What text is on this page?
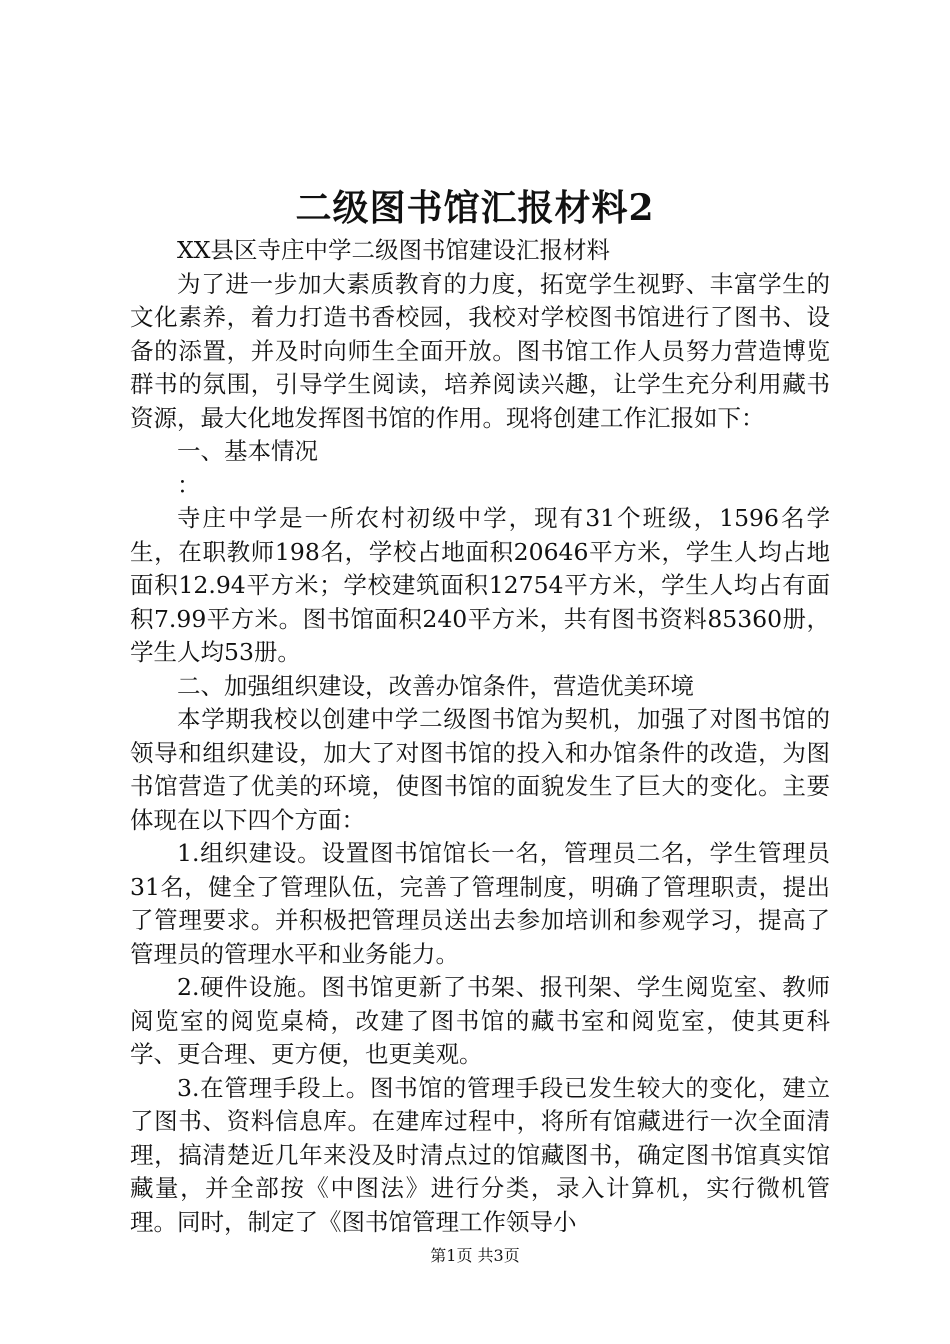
二级图书馆汇报材料2

XX县区寺庄中学二级图书馆建设汇报材料

为了进一步加大素质教育的力度，拓宽学生视野、丰富学生的文化素养，着力打造书香校园，我校对学校图书馆进行了图书、设备的添置，并及时向师生全面开放。图书馆工作人员努力营造博览群书的氛围，引导学生阅读，培养阅读兴趣，让学生充分利用藏书资源，最大化地发挥图书馆的作用。现将创建工作汇报如下：

一、基本情况

：

寺庄中学是一所农村初级中学，现有31个班级，1596名学生，在职教师198名，学校占地面积20646平方米，学生人均占地面积12.94平方米；学校建筑面积12754平方米，学生人均占有面积7.99平方米。图书馆面积240平方米，共有图书资料85360册，学生人均53册。

二、加强组织建设，改善办馆条件，营造优美环境

本学期我校以创建中学二级图书馆为契机，加强了对图书馆的领导和组织建设，加大了对图书馆的投入和办馆条件的改造，为图书馆营造了优美的环境，使图书馆的面貌发生了巨大的变化。主要体现在以下四个方面：

1.组织建设。设置图书馆馆长一名，管理员二名，学生管理员31名，健全了管理队伍，完善了管理制度，明确了管理职责，提出了管理要求。并积极把管理员送出去参加培训和参观学习，提高了管理员的管理水平和业务能力。

2.硬件设施。图书馆更新了书架、报刊架、学生阅览室、教师阅览室的阅览桌椅，改建了图书馆的藏书室和阅览室，使其更科学、更合理、更方便，也更美观。

3.在管理手段上。图书馆的管理手段已发生较大的变化，建立了图书、资料信息库。在建库过程中，将所有馆藏进行一次全面清理，搞清楚近几年来没及时清点过的馆藏图书，确定图书馆真实馆藏量，并全部按《中图法》进行分类，录入计算机，实行微机管理。同时，制定了《图书馆管理工作领导小

第1页 共3页
